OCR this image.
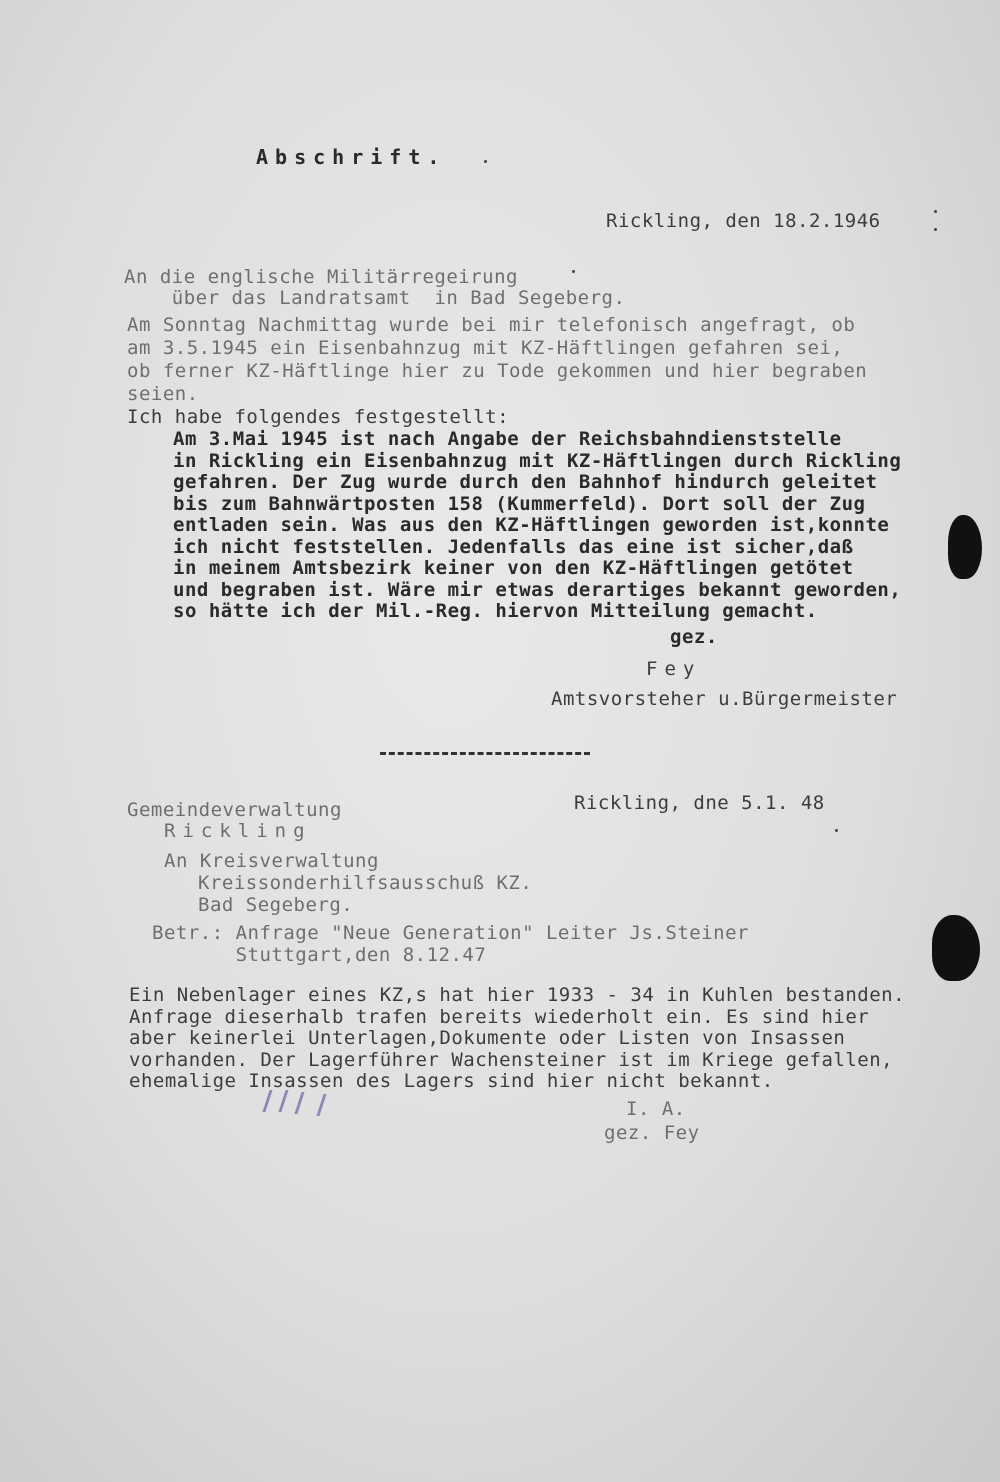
Abschrift.
Rickling, den 18.2.1946

An die englische Militärregeirung

über das Landratsamt  in Bad Segeberg.

Am Sonntag Nachmittag wurde bei mir telefonisch angefragt, ob

am 3.5.1945 ein Eisenbahnzug mit KZ-Häftlingen gefahren sei,

ob ferner KZ-Häftlinge hier zu Tode gekommen und hier begraben

seien.

Ich habe folgendes festgestellt:

Am 3.Mai 1945 ist nach Angabe der Reichsbahndienststelle

in Rickling ein Eisenbahnzug mit KZ-Häftlingen durch Rickling

gefahren. Der Zug wurde durch den Bahnhof hindurch geleitet

bis zum Bahnwärtposten 158 (Kummerfeld). Dort soll der Zug

entladen sein. Was aus den KZ-Häftlingen geworden ist,konnte

ich nicht feststellen. Jedenfalls das eine ist sicher,daß

in meinem Amtsbezirk keiner von den KZ-Häftlingen getötet

und begraben ist. Wäre mir etwas derartiges bekannt geworden,

so hätte ich der Mil.-Reg. hiervon Mitteilung gemacht.

gez.
Fey
Amtsvorsteher u.Bürgermeister
Gemeindeverwaltung
Rickling
Rickling, dne 5.1. 48

An Kreisverwaltung

Kreissonderhilfsausschuß KZ.

Bad Segeberg.

Betr.: Anfrage "Neue Generation" Leiter Js.Steiner

Stuttgart,den 8.12.47

Ein Nebenlager eines KZ,s hat hier 1933 - 34 in Kuhlen bestanden.

Anfrage dieserhalb trafen bereits wiederholt ein. Es sind hier

aber keinerlei Unterlagen,Dokumente oder Listen von Insassen

vorhanden. Der Lagerführer Wachensteiner ist im Kriege gefallen,

ehemalige Insassen des Lagers sind hier nicht bekannt.

I. A.
gez. Fey
